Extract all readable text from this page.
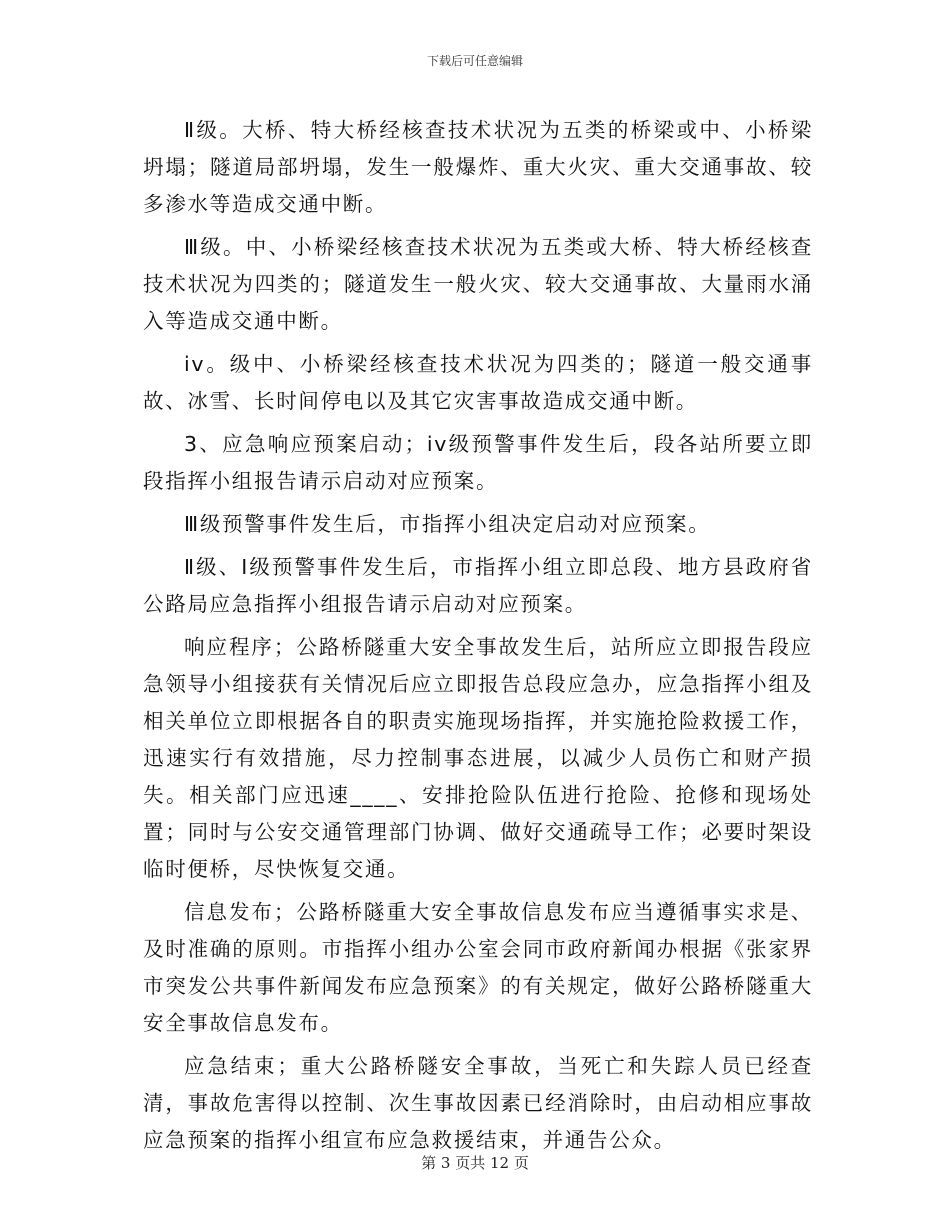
下载后可任意编辑

Ⅱ级。大桥、特大桥经核查技术状况为五类的桥梁或中、小桥梁坍塌；隧道局部坍塌，发生一般爆炸、重大火灾、重大交通事故、较多渗水等造成交通中断。

Ⅲ级。中、小桥梁经核查技术状况为五类或大桥、特大桥经核查技术状况为四类的；隧道发生一般火灾、较大交通事故、大量雨水涌入等造成交通中断。

iv。级中、小桥梁经核查技术状况为四类的；隧道一般交通事故、冰雪、长时间停电以及其它灾害事故造成交通中断。

3、应急响应预案启动；iv级预警事件发生后，段各站所要立即段指挥小组报告请示启动对应预案。

Ⅲ级预警事件发生后，市指挥小组决定启动对应预案。

Ⅱ级、Ⅰ级预警事件发生后，市指挥小组立即总段、地方县政府省公路局应急指挥小组报告请示启动对应预案。

响应程序；公路桥隧重大安全事故发生后，站所应立即报告段应急领导小组接获有关情况后应立即报告总段应急办，应急指挥小组及相关单位立即根据各自的职责实施现场指挥，并实施抢险救援工作，迅速实行有效措施，尽力控制事态进展，以减少人员伤亡和财产损失。相关部门应迅速____、安排抢险队伍进行抢险、抢修和现场处置；同时与公安交通管理部门协调、做好交通疏导工作；必要时架设临时便桥，尽快恢复交通。

信息发布；公路桥隧重大安全事故信息发布应当遵循事实求是、及时准确的原则。市指挥小组办公室会同市政府新闻办根据《张家界市突发公共事件新闻发布应急预案》的有关规定，做好公路桥隧重大安全事故信息发布。

应急结束；重大公路桥隧安全事故，当死亡和失踪人员已经查清，事故危害得以控制、次生事故因素已经消除时，由启动相应事故应急预案的指挥小组宣布应急救援结束，并通告公众。

第 3 页共 12 页
